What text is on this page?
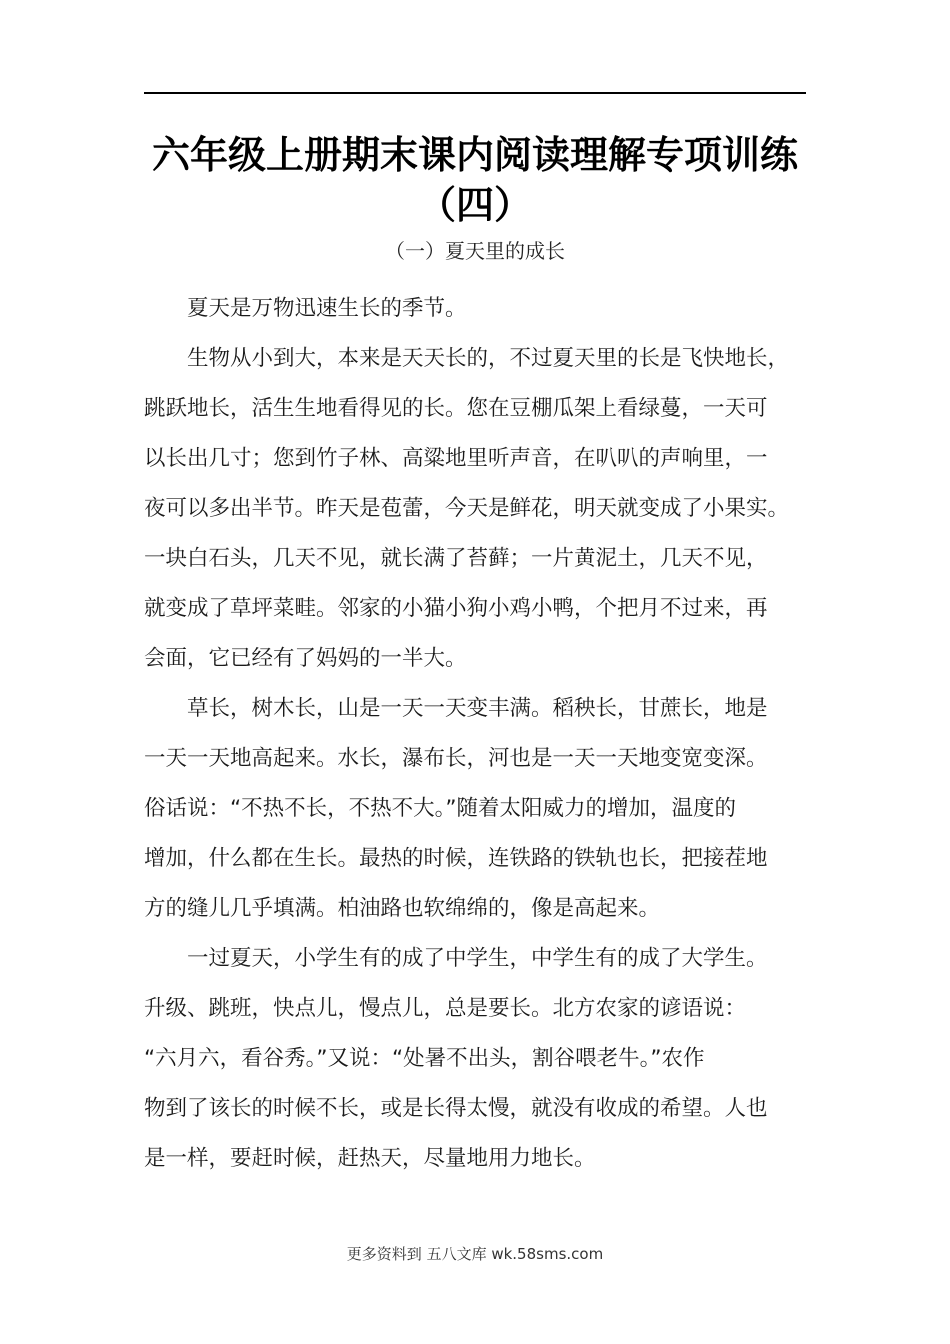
六年级上册期末课内阅读理解专项训练
（四）
（一）夏天里的成长

夏天是万物迅速生长的季节。

生物从小到大，本来是天天长的，不过夏天里的长是飞快地长，
跳跃地长，活生生地看得见的长。您在豆棚瓜架上看绿蔓，一天可
以长出几寸；您到竹子林、高粱地里听声音，在叭叭的声响里，一
夜可以多出半节。昨天是苞蕾，今天是鲜花，明天就变成了小果实。
一块白石头，几天不见，就长满了苔藓；一片黄泥土，几天不见，
就变成了草坪菜畦。邻家的小猫小狗小鸡小鸭，个把月不过来，再
会面，它已经有了妈妈的一半大。

草长，树木长，山是一天一天变丰满。稻秧长，甘蔗长，地是
一天一天地高起来。水长，瀑布长，河也是一天一天地变宽变深。
俗话说：“不热不长，不热不大。”随着太阳威力的增加，温度的
增加，什么都在生长。最热的时候，连铁路的铁轨也长，把接茬地
方的缝儿几乎填满。柏油路也软绵绵的，像是高起来。

一过夏天，小学生有的成了中学生，中学生有的成了大学生。
升级、跳班，快点儿，慢点儿，总是要长。北方农家的谚语说：
“六月六，看谷秀。”又说：“处暑不出头，割谷喂老牛。”农作
物到了该长的时候不长，或是长得太慢，就没有收成的希望。人也
是一样，要赶时候，赶热天，尽量地用力地长。

更多资料到 五八文库 wk.58sms.com
